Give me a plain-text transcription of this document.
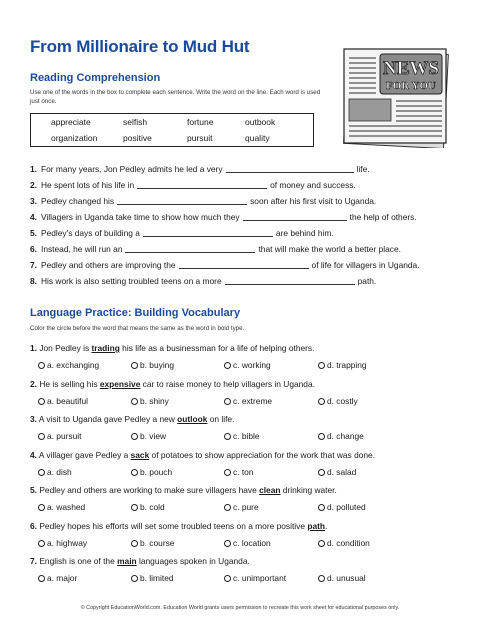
From Millionaire to Mud Hut
Reading Comprehension

Use one of the words in the box to complete each sentence. Write the word on the line. Each word is used just once.

NEWS
FOR YOU
appreciate	selfish	fortune	outbook
organization	positive	pursuit	quality
1. For many years, Jon Pedley admits he led a very	life.
2. He spent lots of his life in	of money and success.
3. Pedley changed his	soon after his first visit to Uganda.
4. Villagers in Uganda take time to show how much they	the help of others.
5. Pedley's days of building a	are behind him.
6. Instead, he will run an	that will make the world a better place.
7. Pedley and others are improving the	of life for villagers in Uganda.
8. His work is also setting troubled teens on a more	path.
Language Practice: Building Vocabulary

Color the circle before the word that means the same as the word in bold type.

1. Jon Pedley is trading his life as a businessman for a life of helping others.
a. exchanging	b. buying	c. working	d. trapping
2. He is selling his expensive car to raise money to help villagers in Uganda.
a. beautiful	b. shiny	c. extreme	d. costly
3. A visit to Uganda gave Pedley a new outlook on life.
a. pursuit	b. view	c. bible	d. change
4. A villager gave Pedley a sack of potatoes to show appreciation for the work that was done.
a. dish	b. pouch	c. ton	d. salad
5. Pedley and others are working to make sure villagers have clean drinking water.
a. washed	b. cold	c. pure	d. polluted
6. Pedley hopes his efforts will set some troubled teens on a more positive path.
a. highway	b. course	c. location	d. condition
7. English is one of the main languages spoken in Uganda.
a. major	b. limited	c. unimportant	d. unusual

© Copyright EducationWorld.com. Education World grants users permission to recreate this work sheet for educational purposes only.
